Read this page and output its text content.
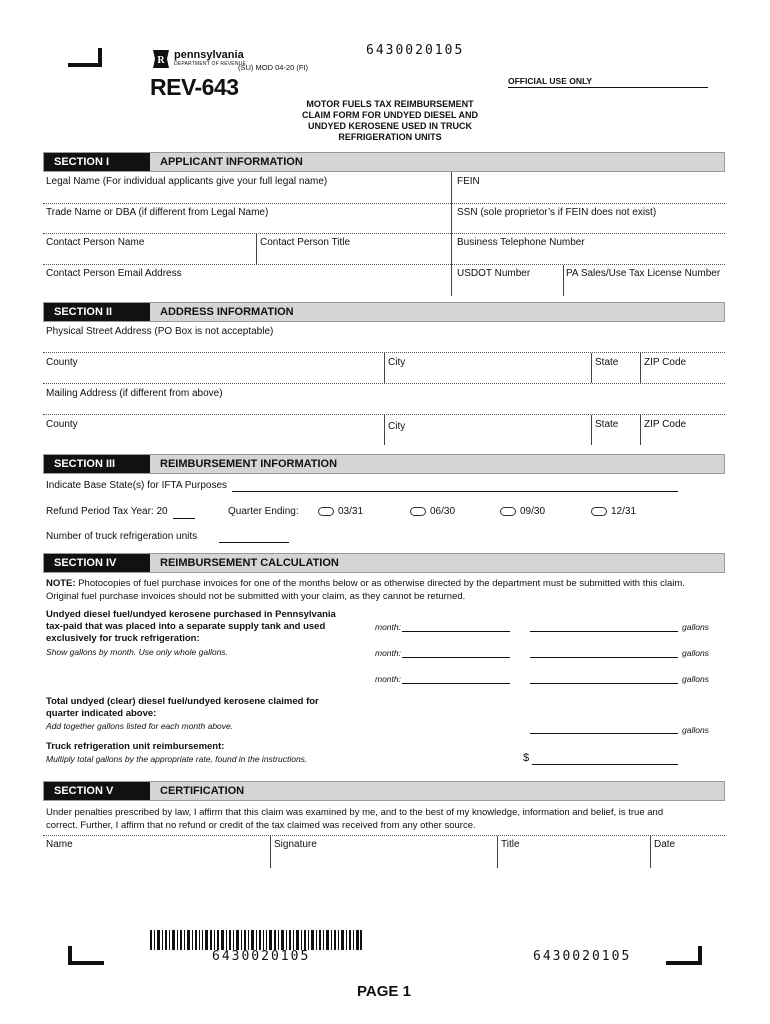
6430020105
R pennsylvania
DEPARTMENT OF REVENUE
(SU) MOD 04-20 (FI)
REV-643	OFFICIAL USE ONLY
MOTOR FUELS TAX REIMBURSEMENT
CLAIM FORM FOR UNDYED DIESEL AND
UNDYED KEROSENE USED IN TRUCK
REFRIGERATION UNITS
SECTION I	APPLICANT INFORMATION
Legal Name (For individual applicants give your full legal name)	FEIN
Trade Name or DBA (if different from Legal Name)	SSN (sole proprietor’s if FEIN does not exist)
Contact Person Name	Contact Person Title	Business Telephone Number
Contact Person Email Address	USDOT Number	PA Sales/Use Tax License Number
SECTION II	ADDRESS INFORMATION
Physical Street Address (PO Box is not acceptable)
County	City	State	ZIP Code
Mailing Address (if different from above)
County	City	State	ZIP Code
SECTION III	REIMBURSEMENT INFORMATION
Indicate Base State(s) for IFTA Purposes
Refund Period Tax Year: 20	Quarter Ending:	03/31	06/30	09/30	12/31
Number of truck refrigeration units
SECTION IV	REIMBURSEMENT CALCULATION
NOTE: Photocopies of fuel purchase invoices for one of the months below or as otherwise directed by the department must be submitted with this claim.
Original fuel purchase invoices should not be submitted with your claim, as they cannot be returned.
Undyed diesel fuel/undyed kerosene purchased in Pennsylvania
tax-paid that was placed into a separate supply tank and used
exclusively for truck refrigeration:
Show gallons by month. Use only whole gallons.
month:	gallons
month:	gallons
month:	gallons
Total undyed (clear) diesel fuel/undyed kerosene claimed for
quarter indicated above:
Add together gallons listed for each month above.	gallons
Truck refrigeration unit reimbursement:
Multiply total gallons by the appropriate rate, found in the instructions.	$
SECTION V	CERTIFICATION
Under penalties prescribed by law, I affirm that this claim was examined by me, and to the best of my knowledge, information and belief, is true and
correct. Further, I affirm that no refund or credit of the tax claimed was received from any other source.
Name	Signature	Title	Date
6430020105	6430020105
PAGE 1
